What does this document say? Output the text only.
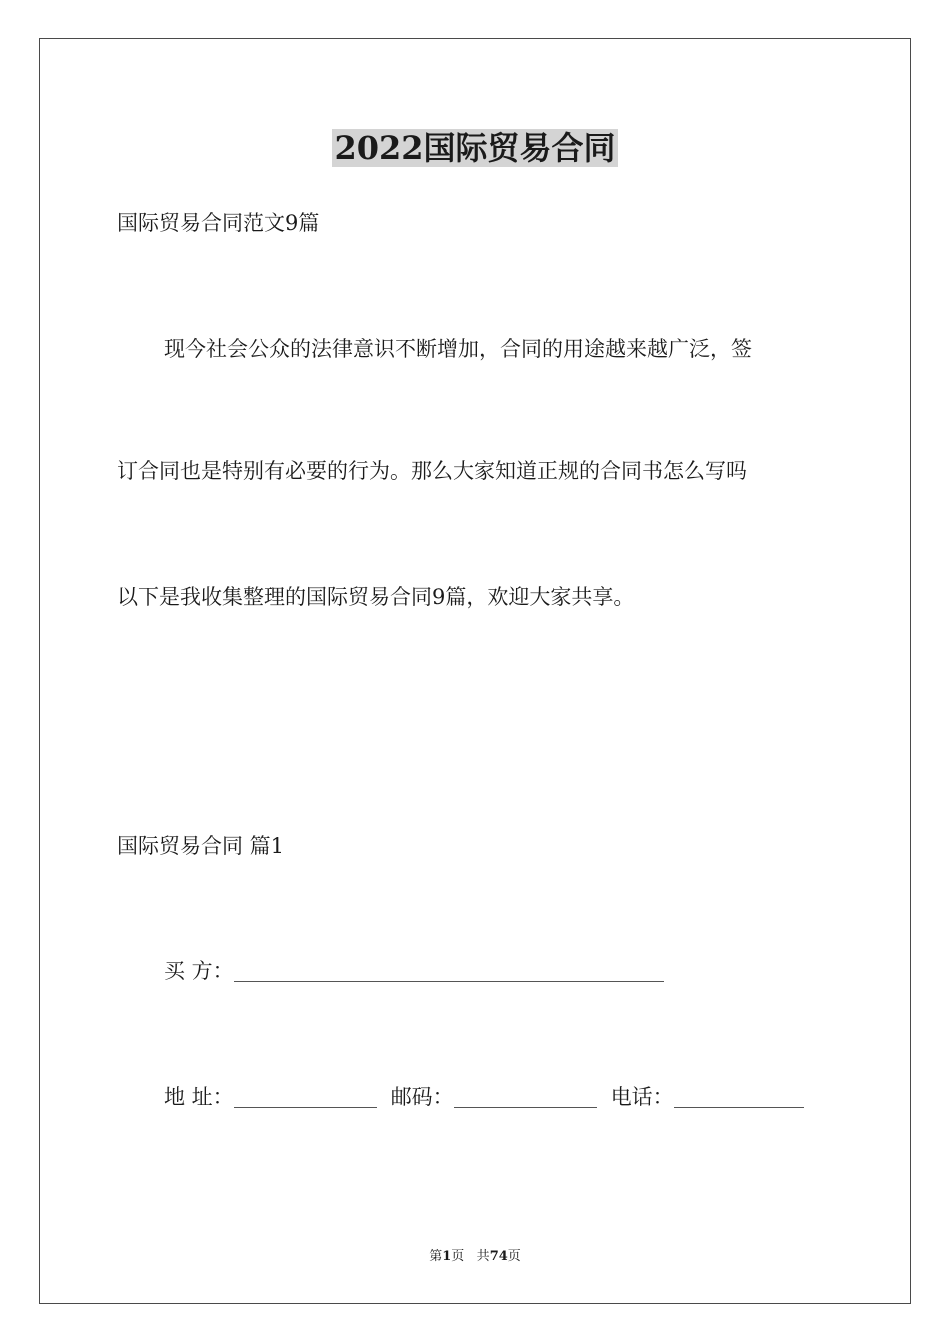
2022国际贸易合同
国际贸易合同范文9篇
现今社会公众的法律意识不断增加，合同的用途越来越广泛，签
订合同也是特别有必要的行为。那么大家知道正规的合同书怎么写吗
以下是我收集整理的国际贸易合同9篇，欢迎大家共享。
国际贸易合同 篇1
买 方：
地 址：	邮码：	电话：
第1页 共74页
